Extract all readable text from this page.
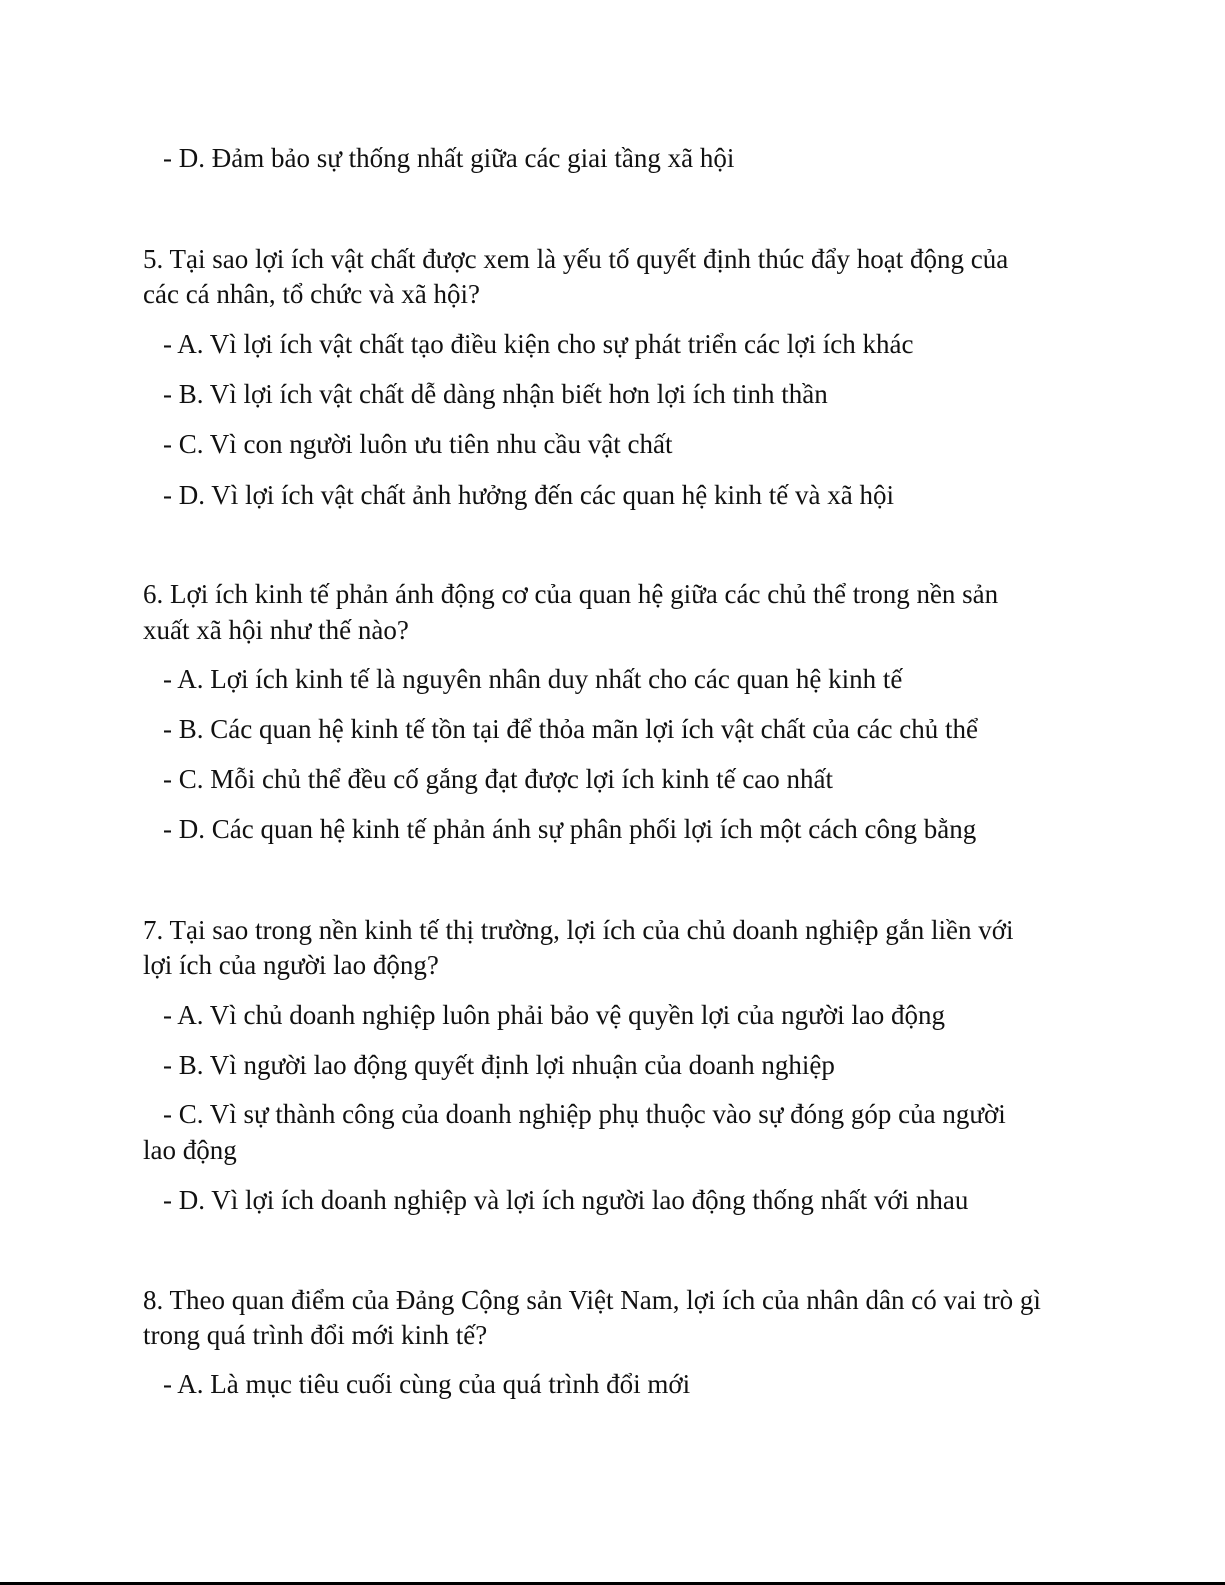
- D. Đảm bảo sự thống nhất giữa các giai tầng xã hội
5. Tại sao lợi ích vật chất được xem là yếu tố quyết định thúc đẩy hoạt động của
các cá nhân, tổ chức và xã hội?
- A. Vì lợi ích vật chất tạo điều kiện cho sự phát triển các lợi ích khác
- B. Vì lợi ích vật chất dễ dàng nhận biết hơn lợi ích tinh thần
- C. Vì con người luôn ưu tiên nhu cầu vật chất
- D. Vì lợi ích vật chất ảnh hưởng đến các quan hệ kinh tế và xã hội
6. Lợi ích kinh tế phản ánh động cơ của quan hệ giữa các chủ thể trong nền sản
xuất xã hội như thế nào?
- A. Lợi ích kinh tế là nguyên nhân duy nhất cho các quan hệ kinh tế
- B. Các quan hệ kinh tế tồn tại để thỏa mãn lợi ích vật chất của các chủ thể
- C. Mỗi chủ thể đều cố gắng đạt được lợi ích kinh tế cao nhất
- D. Các quan hệ kinh tế phản ánh sự phân phối lợi ích một cách công bằng
7. Tại sao trong nền kinh tế thị trường, lợi ích của chủ doanh nghiệp gắn liền với
lợi ích của người lao động?
- A. Vì chủ doanh nghiệp luôn phải bảo vệ quyền lợi của người lao động
- B. Vì người lao động quyết định lợi nhuận của doanh nghiệp
- C. Vì sự thành công của doanh nghiệp phụ thuộc vào sự đóng góp của người
lao động
- D. Vì lợi ích doanh nghiệp và lợi ích người lao động thống nhất với nhau
8. Theo quan điểm của Đảng Cộng sản Việt Nam, lợi ích của nhân dân có vai trò gì
trong quá trình đổi mới kinh tế?
- A. Là mục tiêu cuối cùng của quá trình đổi mới
